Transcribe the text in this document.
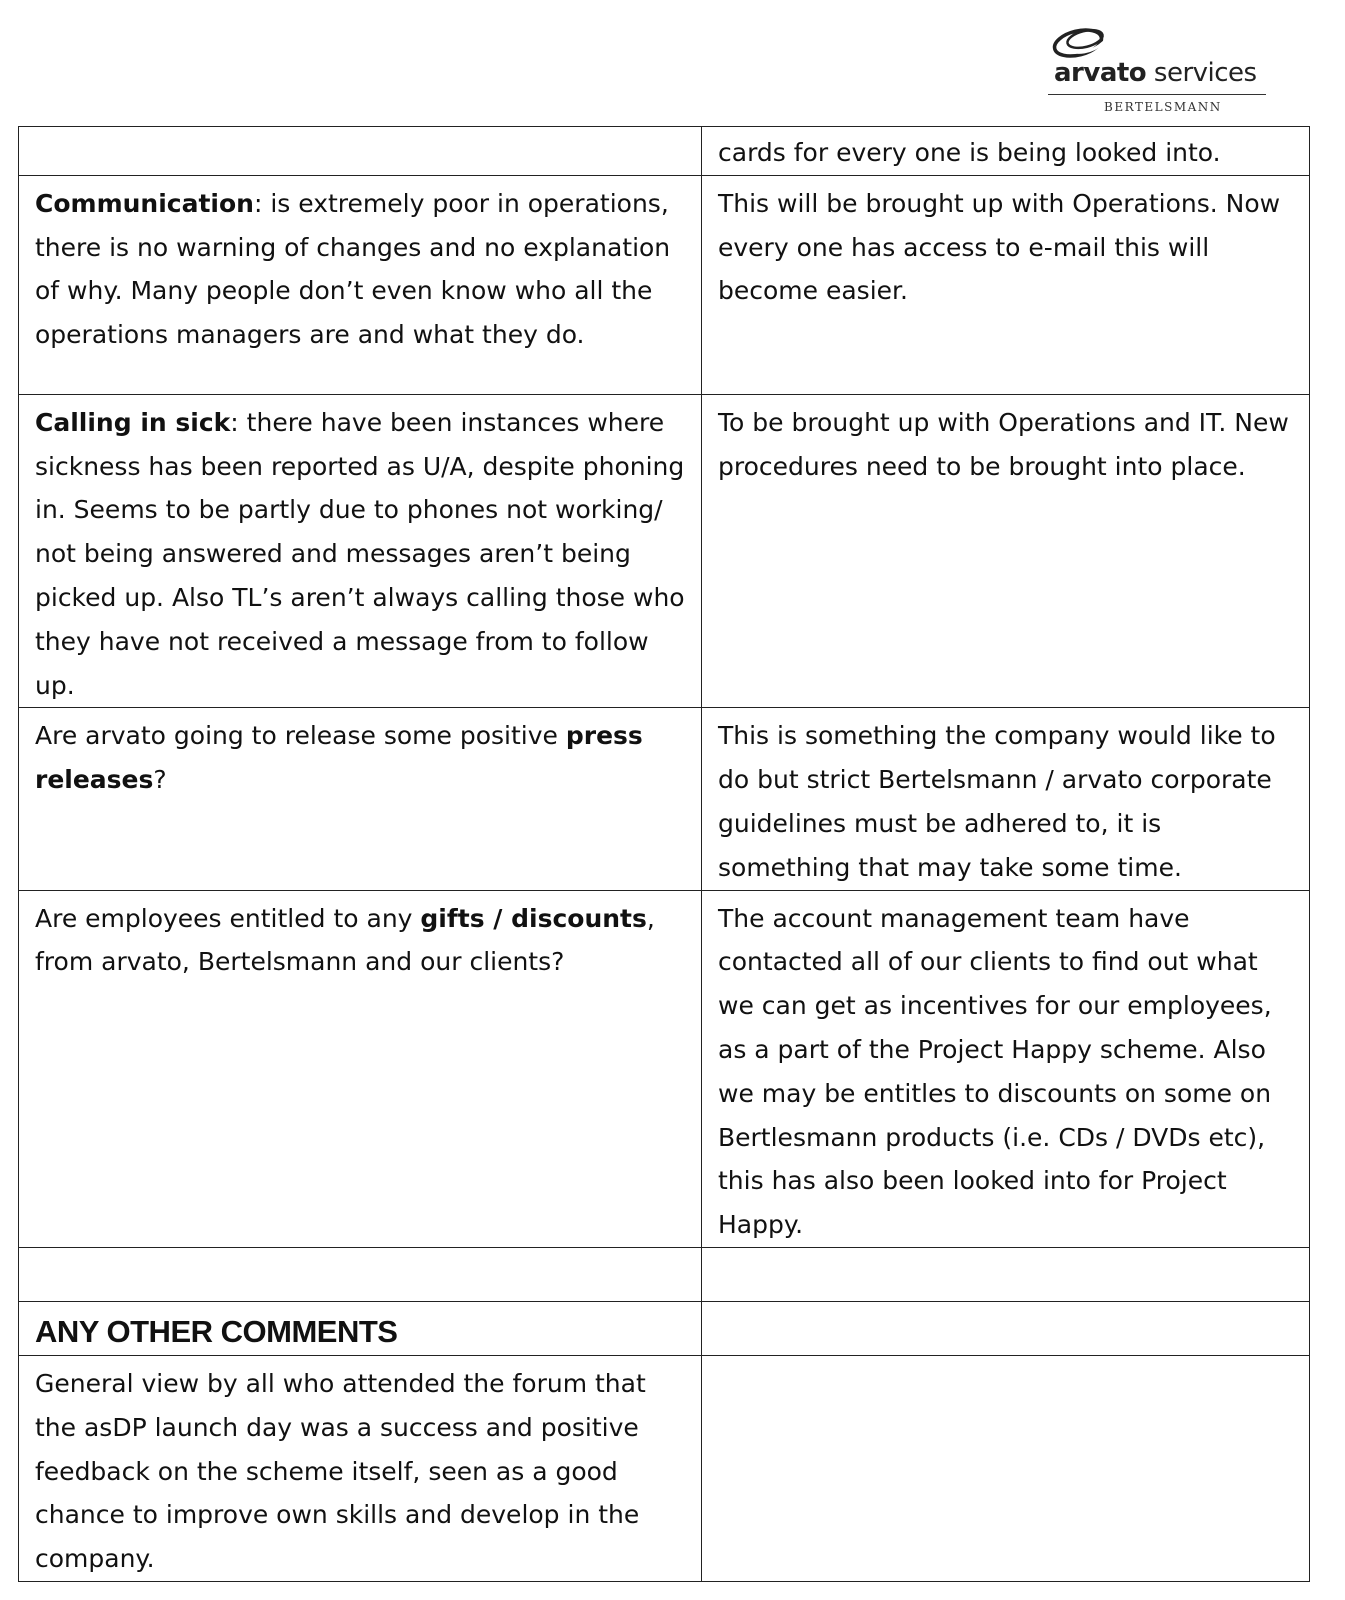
arvato services
BERTELSMANN
	cards for every one is being looked into.
Communication: is extremely poor in operations, there is no warning of changes and no explanation of why. Many people don’t even know who all the operations managers are and what they do.	This will be brought up with Operations. Now every one has access to e-mail this will become easier.
Calling in sick: there have been instances where sickness has been reported as U/A, despite phoning in. Seems to be partly due to phones not working/ not being answered and messages aren’t being picked up. Also TL’s aren’t always calling those who they have not received a message from to follow up.	To be brought up with Operations and IT. New procedures need to be brought into place.
Are arvato going to release some positive press releases?	This is something the company would like to do but strict Bertelsmann / arvato corporate guidelines must be adhered to, it is something that may take some time.
Are employees entitled to any gifts / discounts, from arvato, Bertelsmann and our clients?	The account management team have contacted all of our clients to find out what we can get as incentives for our employees, as a part of the Project Happy scheme. Also we may be entitles to discounts on some on Bertlesmann products (i.e. CDs / DVDs etc), this has also been looked into for Project Happy.

ANY OTHER COMMENTS	
General view by all who attended the forum that the asDP launch day was a success and positive feedback on the scheme itself, seen as a good chance to improve own skills and develop in the company.	
